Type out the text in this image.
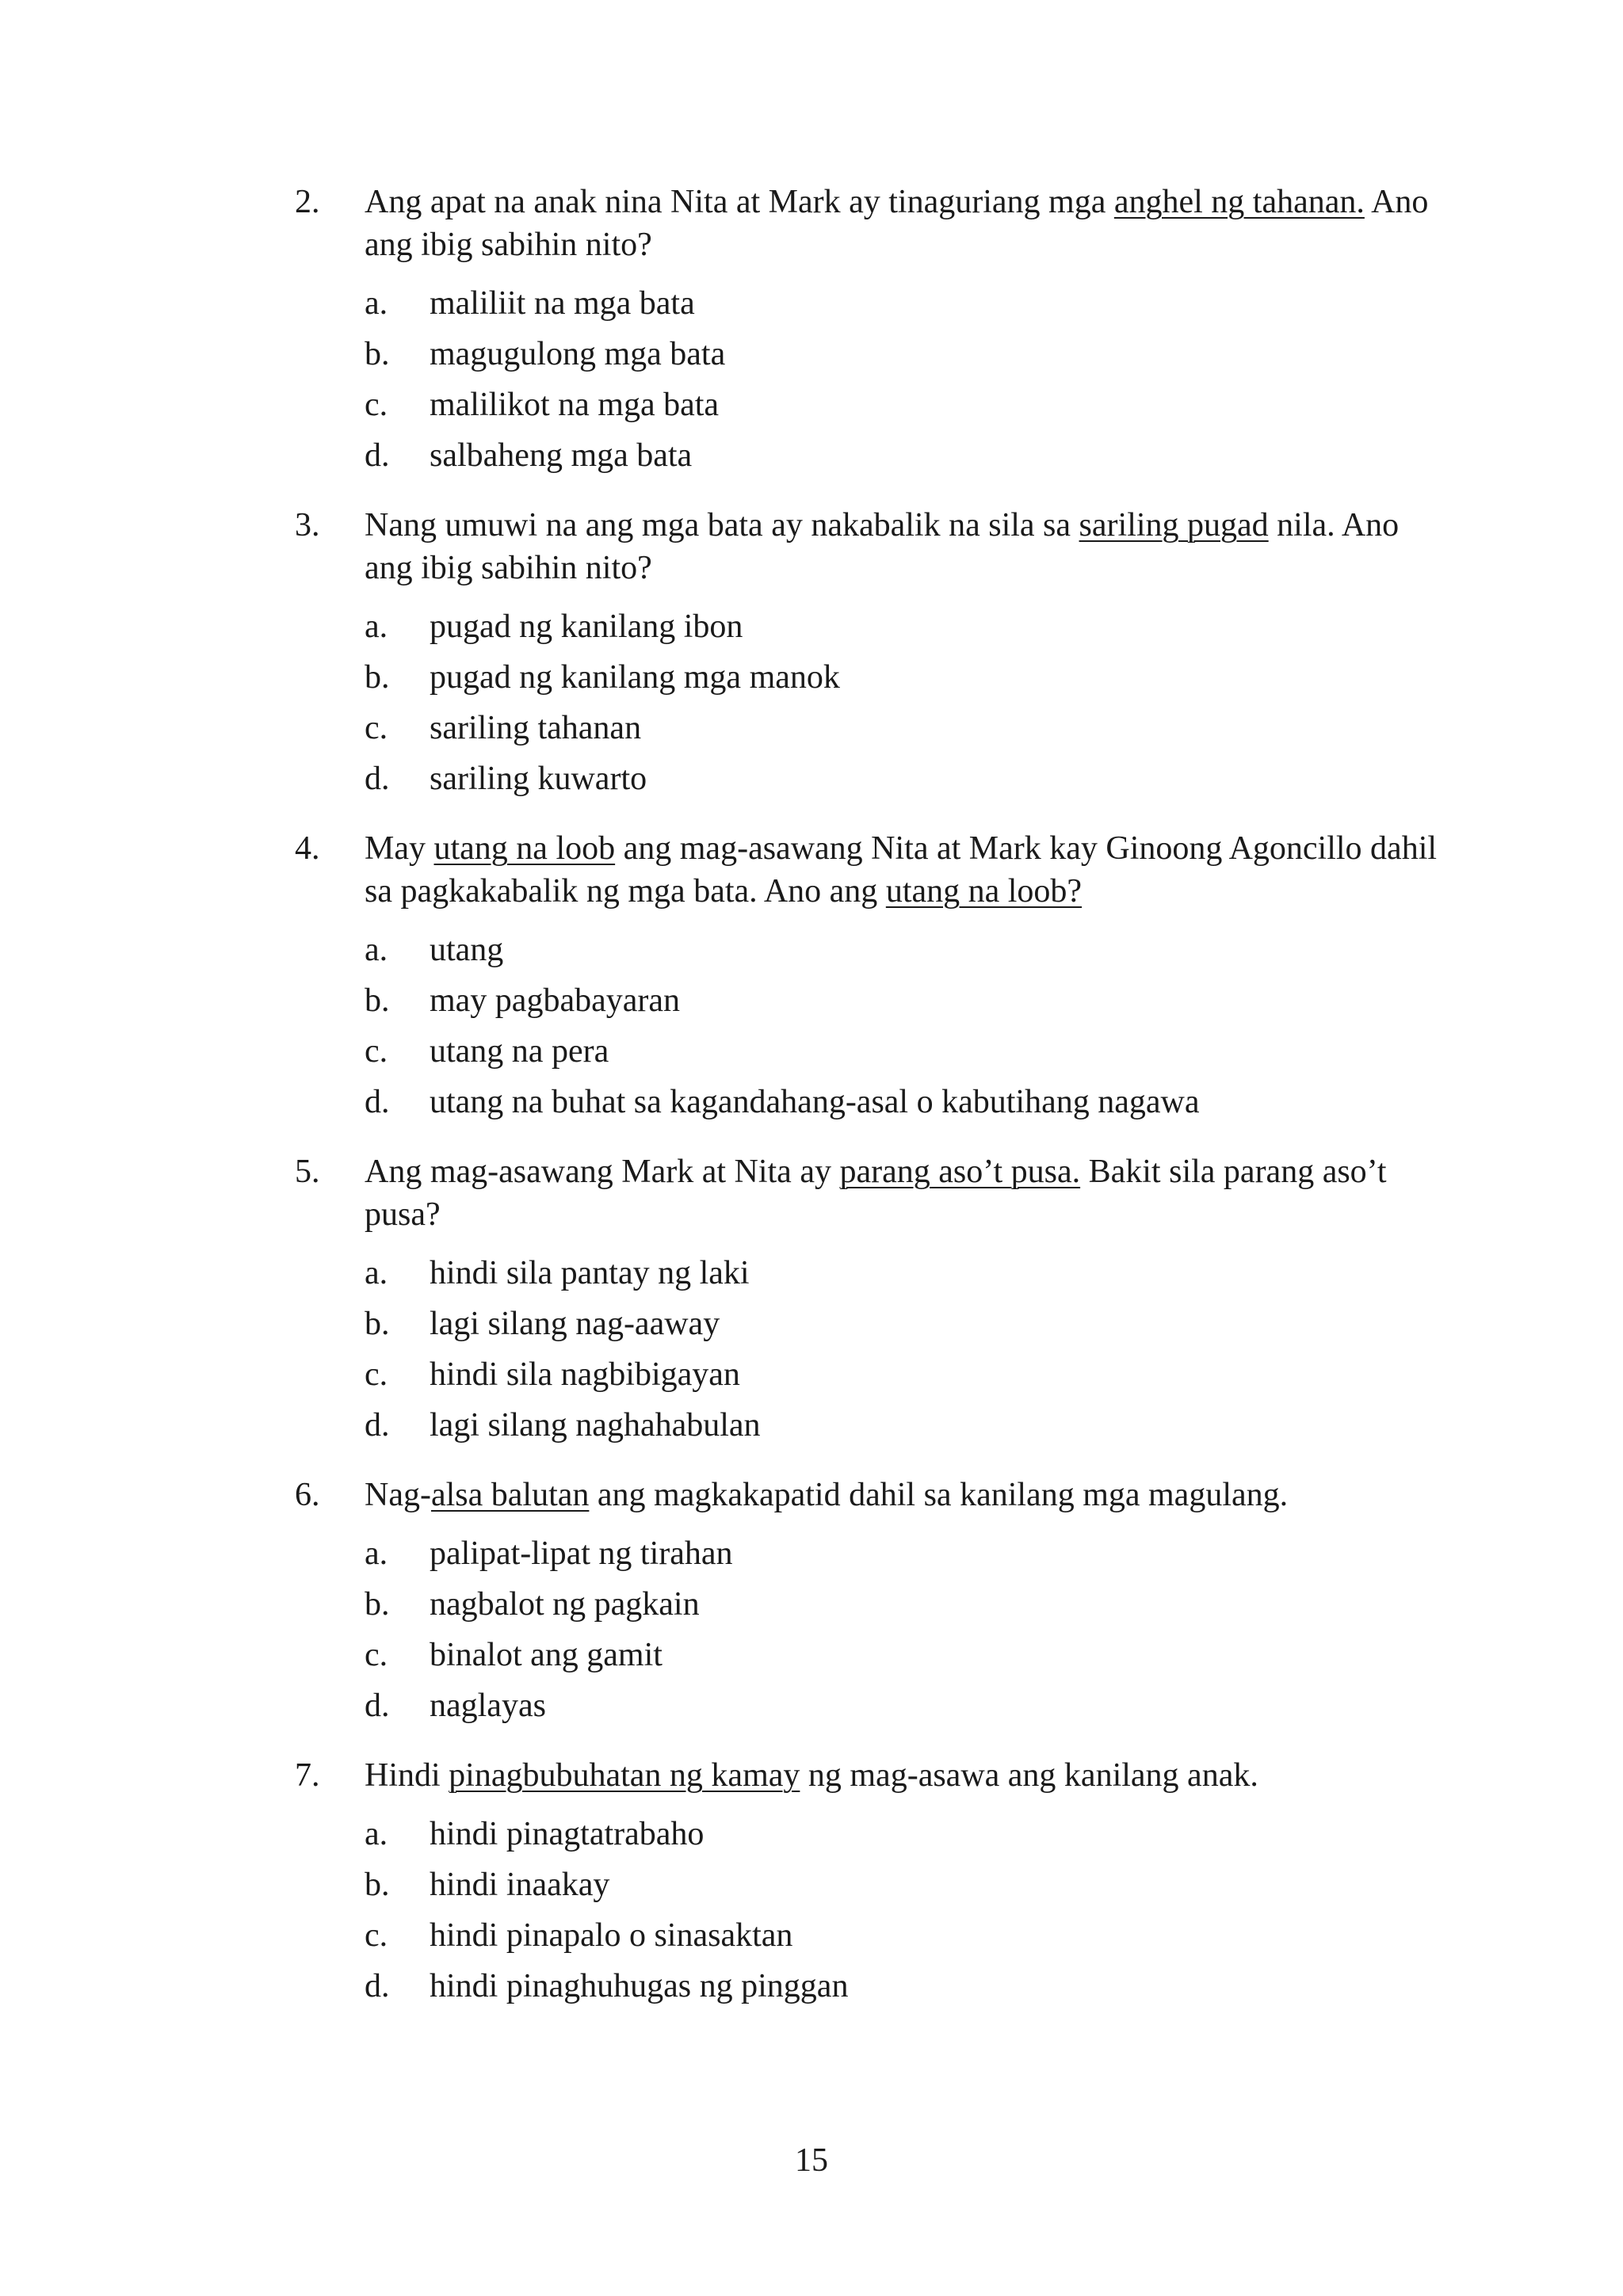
2.	Ang apat na anak nina Nita at Mark ay tinaguriang mga anghel ng tahanan. Ano ang ibig sabihin nito?
a.	maliliit na mga bata
b.	magugulong mga bata
c.	malilikot na mga bata
d.	salbaheng mga bata
3.	Nang umuwi na ang mga bata ay nakabalik na sila sa sariling pugad nila. Ano ang ibig sabihin nito?
a.	pugad ng kanilang ibon
b.	pugad ng kanilang mga manok
c.	sariling tahanan
d.	sariling kuwarto
4.	May utang na loob ang mag-asawang Nita at Mark kay Ginoong Agoncillo dahil sa pagkakabalik ng mga bata. Ano ang utang na loob?
a.	utang
b.	may pagbabayaran
c.	utang na pera
d.	utang na buhat sa kagandahang-asal o kabutihang nagawa
5.	Ang mag-asawang Mark at Nita ay parang aso’t pusa. Bakit sila parang aso’t pusa?
a.	hindi sila pantay ng laki
b.	lagi silang nag-aaway
c.	hindi sila nagbibigayan
d.	lagi silang naghahabulan
6.	Nag-alsa balutan ang magkakapatid dahil sa kanilang mga magulang.
a.	palipat-lipat ng tirahan
b.	nagbalot ng pagkain
c.	binalot ang gamit
d.	naglayas
7.	Hindi pinagbubuhatan ng kamay ng mag-asawa ang kanilang anak.
a.	hindi pinagtatrabaho
b.	hindi inaakay
c.	hindi pinapalo o sinasaktan
d.	hindi pinaghuhugas ng pinggan
15
